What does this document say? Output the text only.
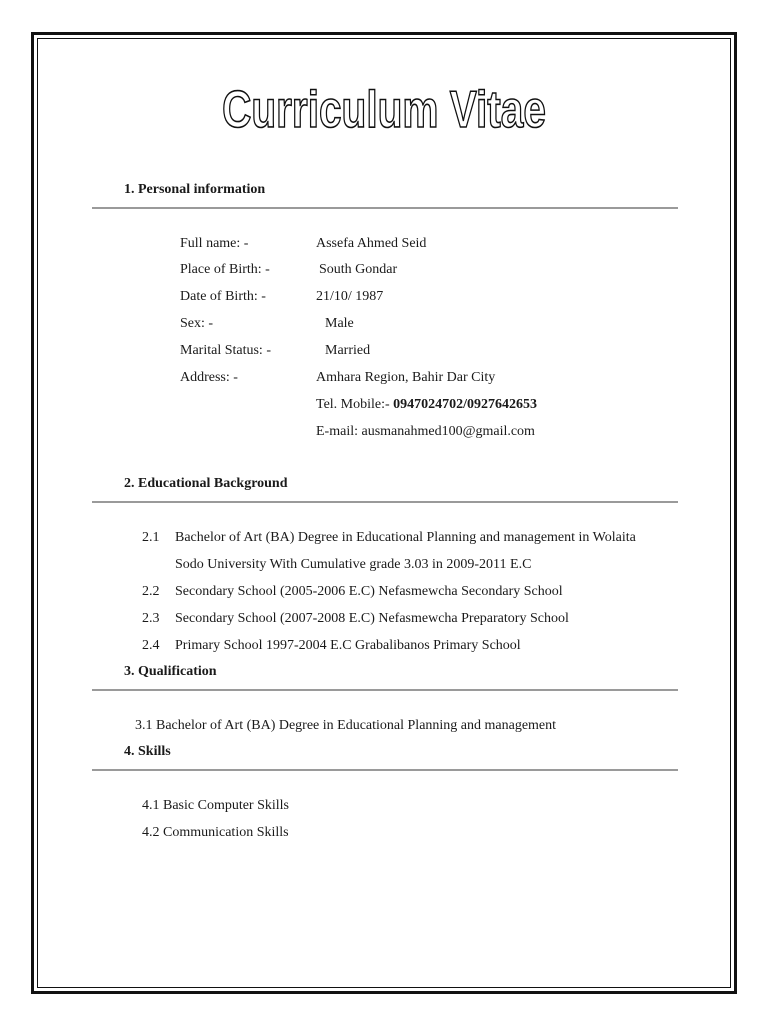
Curriculum Vitae
1. Personal information
Full name: -	Assefa Ahmed Seid
Place of Birth: -	South Gondar
Date of Birth: -	21/10/ 1987
Sex: -	Male
Marital Status: -	Married
Address: -	Amhara Region, Bahir Dar City
Tel. Mobile:- 0947024702/0927642653
E-mail: ausmanahmed100@gmail.com
2. Educational Background
2.1 Bachelor of Art (BA) Degree in Educational Planning and management in Wolaita
Sodo University With Cumulative grade 3.03 in 2009-2011 E.C
2.2 Secondary School (2005-2006 E.C) Nefasmewcha Secondary School
2.3 Secondary School (2007-2008 E.C) Nefasmewcha Preparatory School
2.4 Primary School 1997-2004 E.C Grabalibanos Primary School
3. Qualification
3.1 Bachelor of Art (BA) Degree in Educational Planning and management
4. Skills
4.1 Basic Computer Skills
4.2 Communication Skills
